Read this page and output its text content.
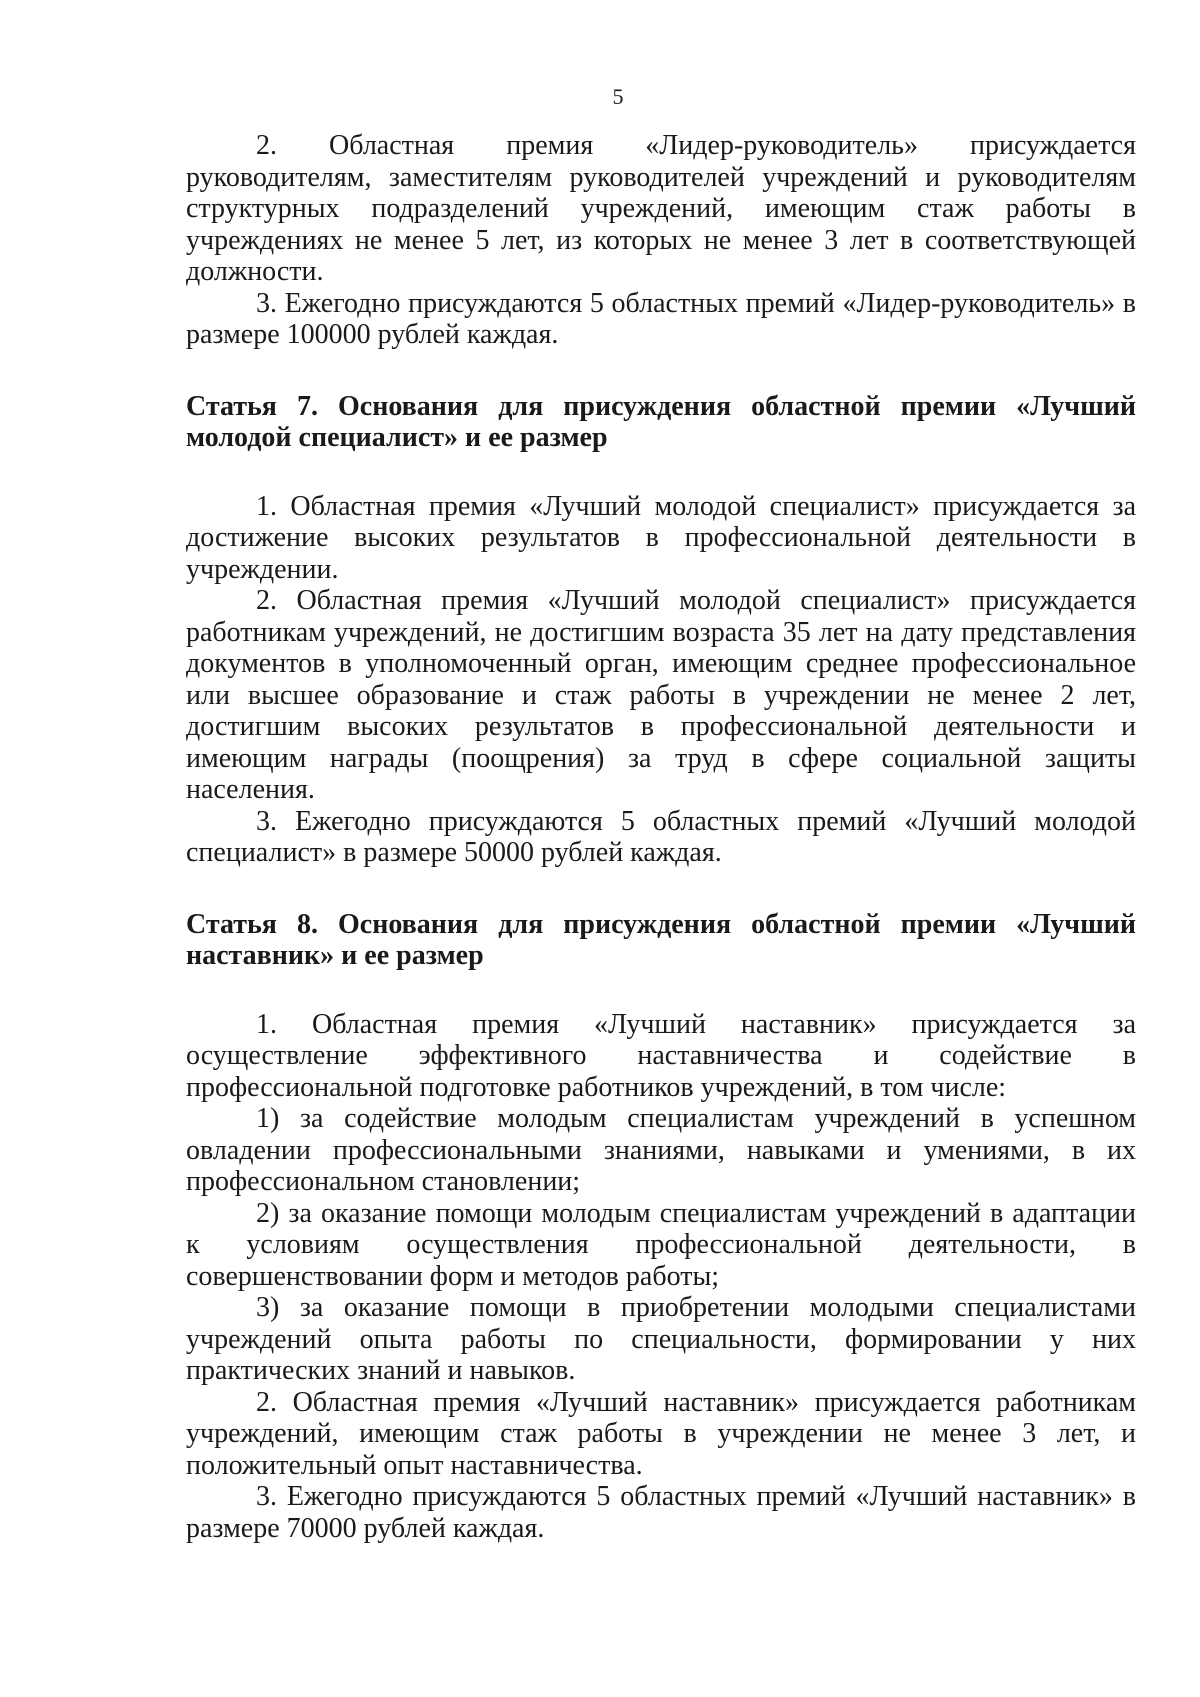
5

2. Областная премия «Лидер-руководитель» присуждается руководителям, заместителям руководителей учреждений и руководителям структурных подразделений учреждений, имеющим стаж работы в учреждениях не менее 5 лет, из которых не менее 3 лет в соответствующей должности.

3. Ежегодно присуждаются 5 областных премий «Лидер-руководитель» в размере 100000 рублей каждая.

Статья 7. Основания для присуждения областной премии «Лучший молодой специалист» и ее размер

1. Областная премия «Лучший молодой специалист» присуждается за достижение высоких результатов в профессиональной деятельности в учреждении.

2. Областная премия «Лучший молодой специалист» присуждается работникам учреждений, не достигшим возраста 35 лет на дату представления документов в уполномоченный орган, имеющим среднее профессиональное или высшее образование и стаж работы в учреждении не менее 2 лет, достигшим высоких результатов в профессиональной деятельности и имеющим награды (поощрения) за труд в сфере социальной защиты населения.

3. Ежегодно присуждаются 5 областных премий «Лучший молодой специалист» в размере 50000 рублей каждая.

Статья 8. Основания для присуждения областной премии «Лучший наставник» и ее размер

1. Областная премия «Лучший наставник» присуждается за осуществление эффективного наставничества и содействие в профессиональной подготовке работников учреждений, в том числе:

1) за содействие молодым специалистам учреждений в успешном овладении профессиональными знаниями, навыками и умениями, в их профессиональном становлении;

2) за оказание помощи молодым специалистам учреждений в адаптации к условиям осуществления профессиональной деятельности, в совершенствовании форм и методов работы;

3) за оказание помощи в приобретении молодыми специалистами учреждений опыта работы по специальности, формировании у них практических знаний и навыков.

2. Областная премия «Лучший наставник» присуждается работникам учреждений, имеющим стаж работы в учреждении не менее 3 лет, и положительный опыт наставничества.

3. Ежегодно присуждаются 5 областных премий «Лучший наставник» в размере 70000 рублей каждая.
